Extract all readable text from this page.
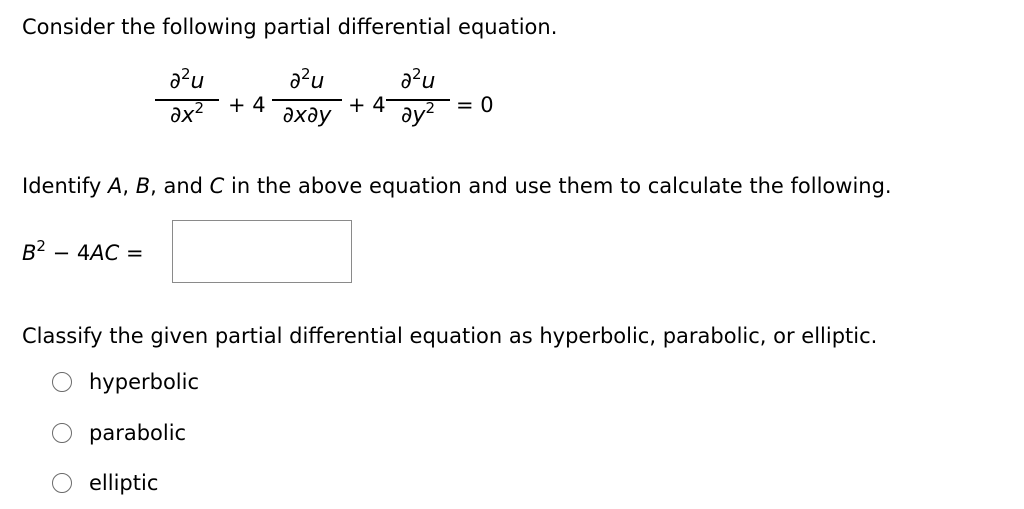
Consider the following partial differential equation.
∂$^2$u
$\partial x^2$	+ 4
∂$^2$u
∂x∂y + 4
∂$^2$u
$\partial y^2$	= 0
Identify A, B, and C in the above equation and use them to calculate the following.
$B^2 - 4AC$ =
Classify the given partial differential equation as hyperbolic, parabolic, or elliptic.
hyperbolic
parabolic
elliptic
